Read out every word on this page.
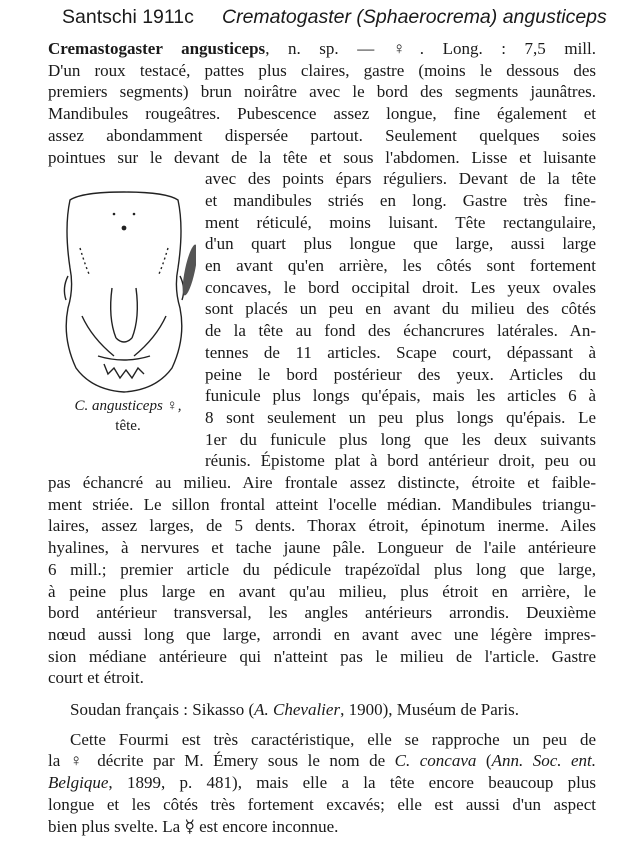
Santschi 1911c Crematogaster (Sphaerocrema) angusticeps
Cremastogaster angusticeps, n. sp. — ♀. Long. : 7,5 mill.
D'un roux testacé, pattes plus claires, gastre (moins le dessous des
premiers segments) brun noirâtre avec le bord des segments jaunâtres.
Mandibules rougeâtres. Pubescence assez longue, fine également et
assez abondamment dispersée partout. Seulement quelques soies
pointues sur le devant de la tête et sous l'abdomen. Lisse et luisante
avec des points épars réguliers. Devant de la tête
et mandibules striés en long. Gastre très fine-
ment réticulé, moins luisant. Tête rectangulaire,
d'un quart plus longue que large, aussi large
en avant qu'en arrière, les côtés sont fortement
concaves, le bord occipital droit. Les yeux ovales
sont placés un peu en avant du milieu des côtés
de la tête au fond des échancrures latérales. An-
tennes de 11 articles. Scape court, dépassant à
peine le bord postérieur des yeux. Articles du
funicule plus longs qu'épais, mais les articles 6 à
8 sont seulement un peu plus longs qu'épais. Le
1er du funicule plus long que les deux suivants
réunis. Épistome plat à bord antérieur droit, peu ou
pas échancré au milieu. Aire frontale assez distincte, étroite et faible-
ment striée. Le sillon frontal atteint l'ocelle médian. Mandibules triangu-
laires, assez larges, de 5 dents. Thorax étroit, épinotum inerme. Ailes
hyalines, à nervures et tache jaune pâle. Longueur de l'aile antérieure
6 mill.; premier article du pédicule trapézoïdal plus long que large,
à peine plus large en avant qu'au milieu, plus étroit en arrière, le
bord antérieur transversal, les angles antérieurs arrondis. Deuxième
nœud aussi long que large, arrondi en avant avec une légère impres-
sion médiane antérieure qui n'atteint pas le milieu de l'article. Gastre
court et étroit.
Soudan français : Sikasso (A. Chevalier, 1900), Muséum de Paris.
Cette Fourmi est très caractéristique, elle se rapproche un peu de
la ♀ décrite par M. Émery sous le nom de C. concava (Ann. Soc. ent.
Belgique, 1899, p. 481), mais elle a la tête encore beaucoup plus
longue et les côtés très fortement excavés; elle est aussi d'un aspect
bien plus svelte. La ☿ est encore inconnue.
C. angusticeps ♀,
tête.
